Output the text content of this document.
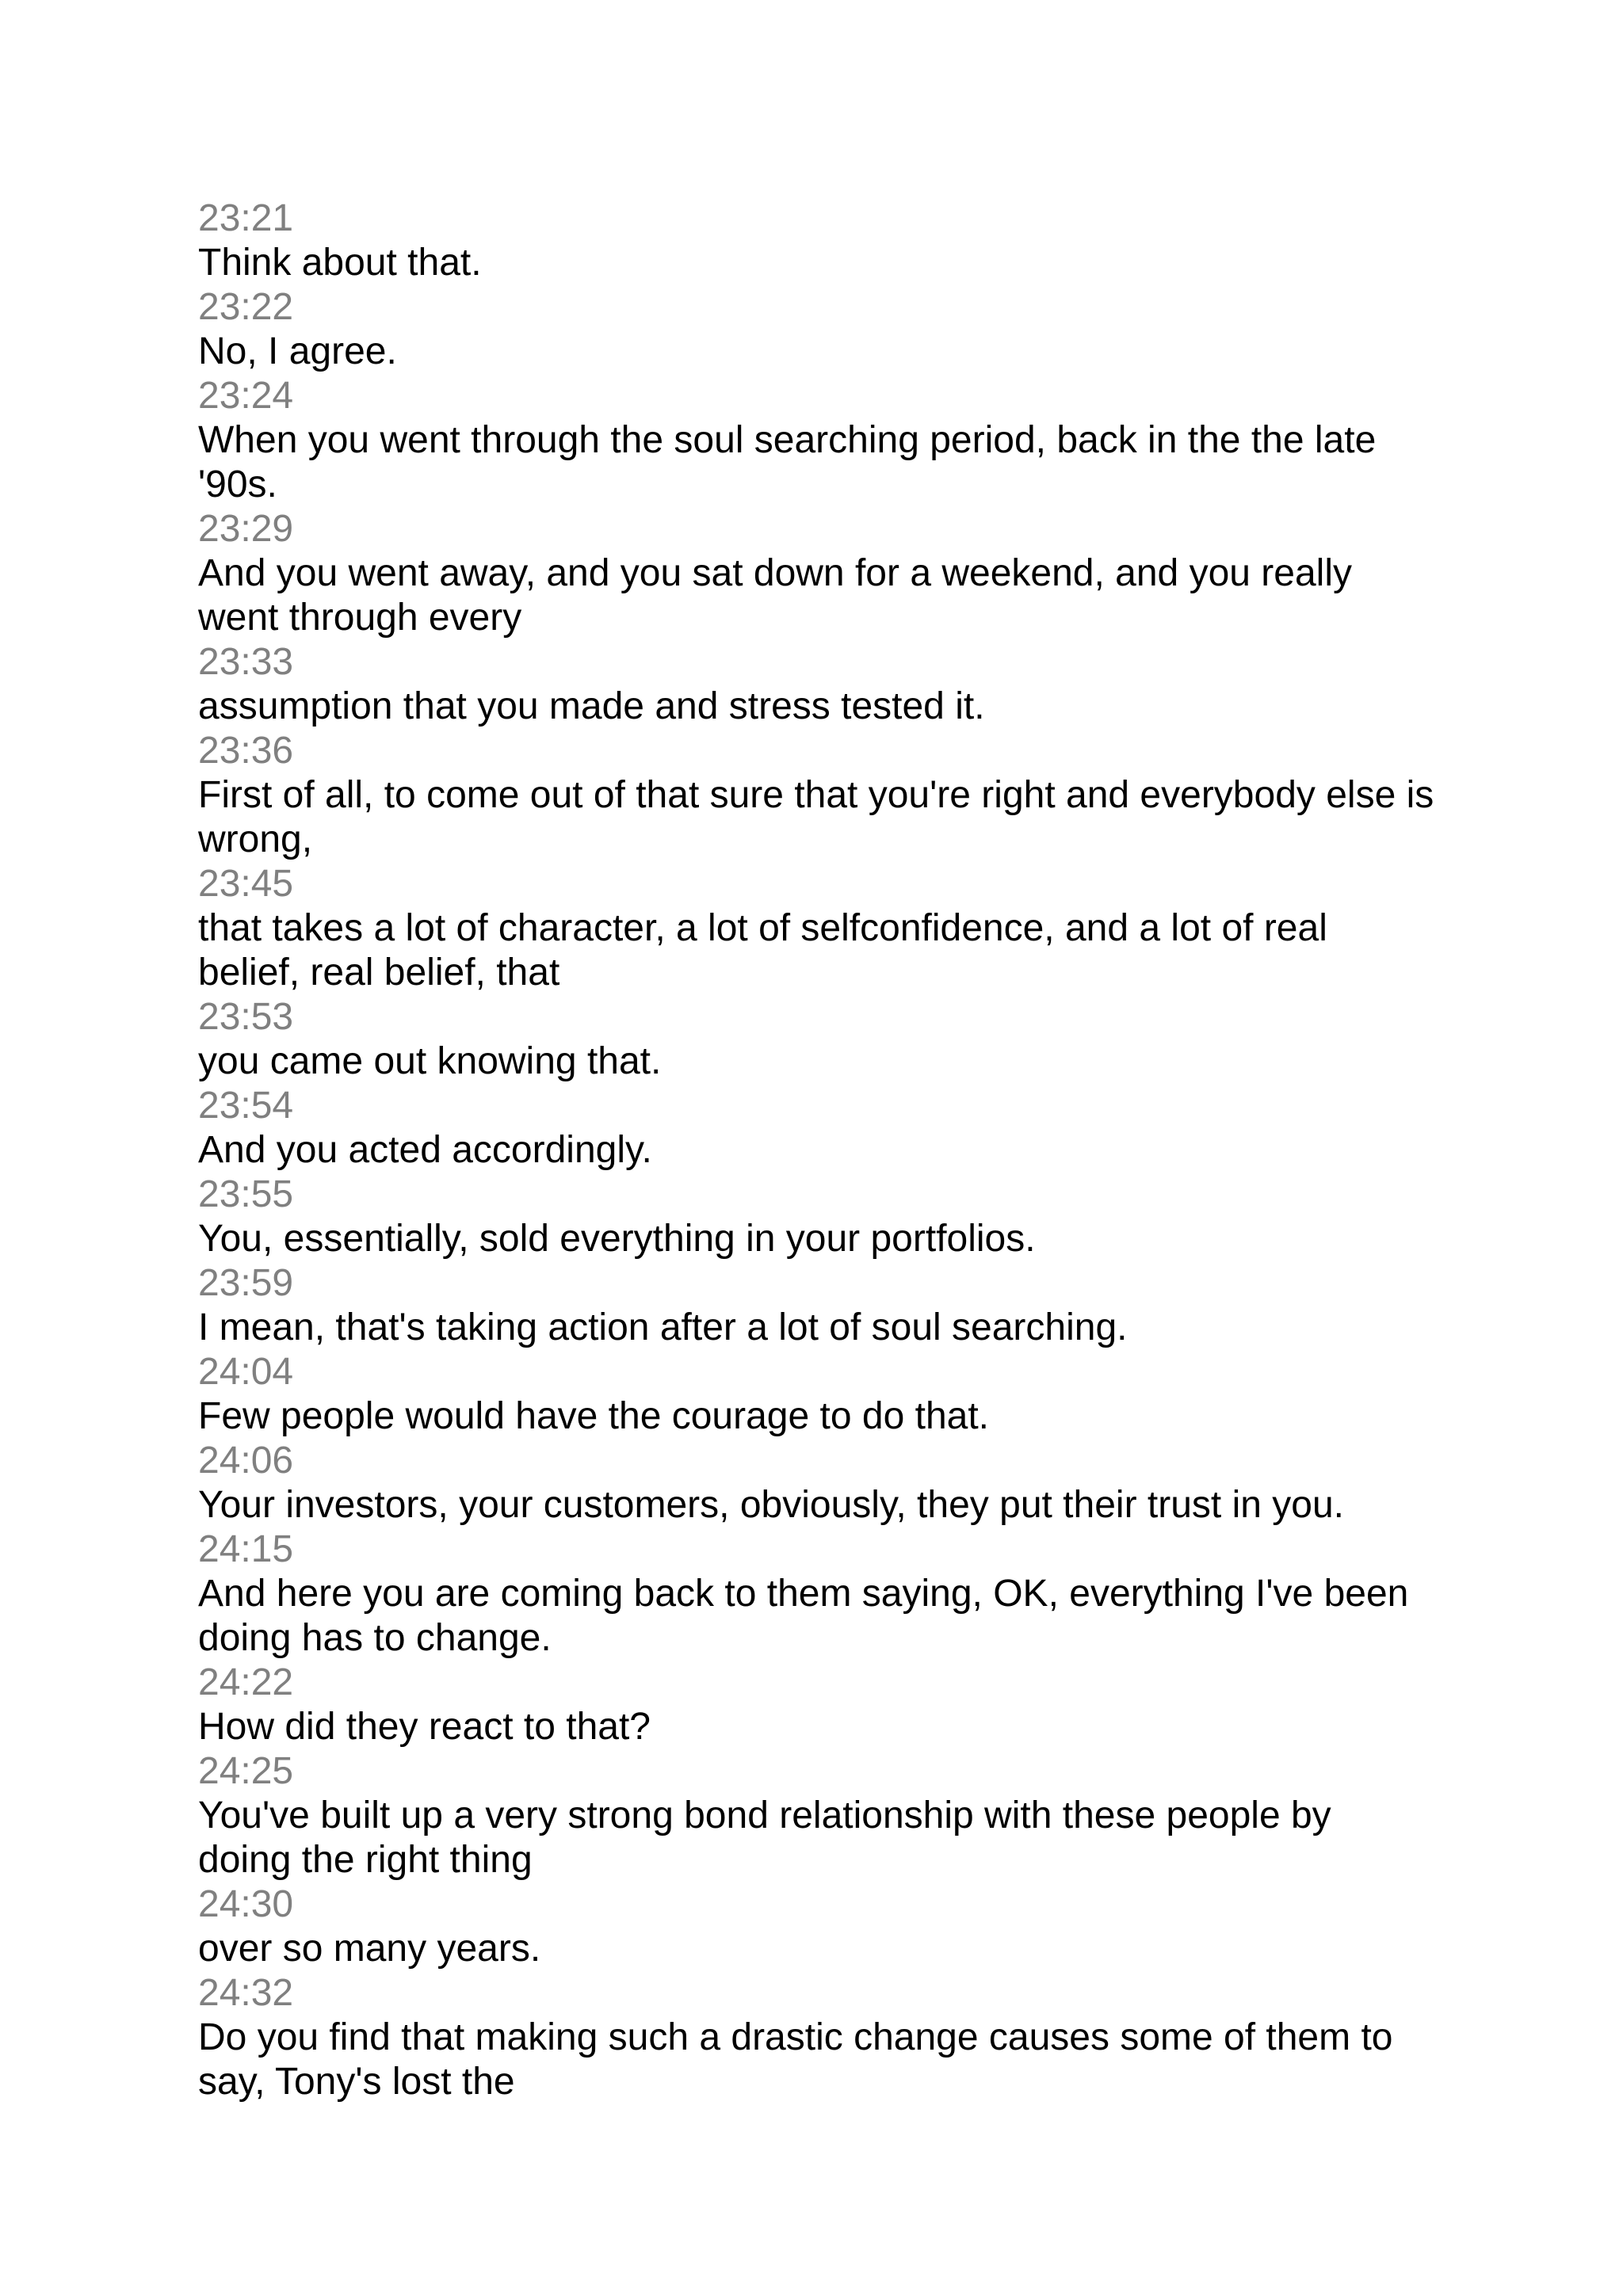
23:21
Think about that.
23:22
No, I agree.
23:24
When you went through the soul searching period, back in the the late '90s.
23:29
And you went away, and you sat down for a weekend, and you really went through every
23:33
assumption that you made and stress tested it.
23:36
First of all, to come out of that sure that you're right and everybody else is wrong,
23:45
that takes a lot of character, a lot of selfconfidence, and a lot of real belief, real belief, that
23:53
you came out knowing that.
23:54
And you acted accordingly.
23:55
You, essentially, sold everything in your portfolios.
23:59
I mean, that's taking action after a lot of soul searching.
24:04
Few people would have the courage to do that.
24:06
Your investors, your customers, obviously, they put their trust in you.
24:15
And here you are coming back to them saying, OK, everything I've been doing has to change.
24:22
How did they react to that?
24:25
You've built up a very strong bond relationship with these people by doing the right thing
24:30
over so many years.
24:32
Do you find that making such a drastic change causes some of them to say, Tony's lost the
